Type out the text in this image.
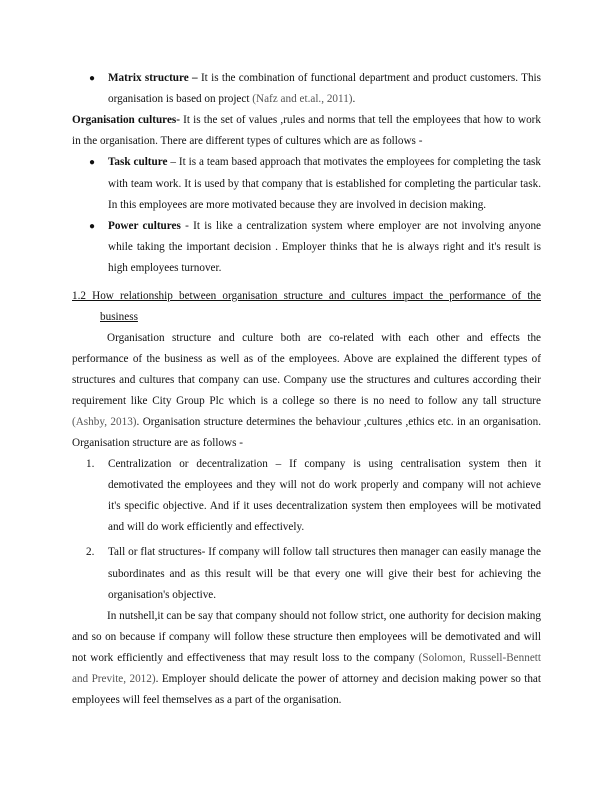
● Matrix structure – It is the combination of functional department and product customers. This organisation is based on project (Nafz and et.al., 2011).

Organisation cultures- It is the set of values ,rules and norms that tell the employees that how to work in the organisation. There are different types of cultures which are as follows -

● Task culture – It is a team based approach that motivates the employees for completing the task with team work. It is used by that company that is established for completing the particular task. In this employees are more motivated because they are involved in decision making.
● Power cultures - It is like a centralization system where employer are not involving anyone while taking the important decision . Employer thinks that he is always right and it's result is high employees turnover.

1.2 How relationship between organisation structure and cultures impact the performance of the business

Organisation structure and culture both are co-related with each other and effects the performance of the business as well as of the employees. Above are explained the different types of structures and cultures that company can use. Company use the structures and cultures according their requirement like City Group Plc which is a college so there is no need to follow any tall structure (Ashby, 2013). Organisation structure determines the behaviour ,cultures ,ethics etc. in an organisation. Organisation structure are as follows -

1. Centralization or decentralization – If company is using centralisation system then it demotivated the employees and they will not do work properly and company will not achieve it's specific objective. And if it uses decentralization system then employees will be motivated and will do work efficiently and effectively.
2. Tall or flat structures- If company will follow tall structures then manager can easily manage the subordinates and as this result will be that every one will give their best for achieving the organisation's objective.

In nutshell,it can be say that company should not follow strict, one authority for decision making and so on because if company will follow these structure then employees will be demotivated and will not work efficiently and effectiveness that may result loss to the company (Solomon, Russell-Bennett and Previte, 2012). Employer should delicate the power of attorney and decision making power so that employees will feel themselves as a part of the organisation.
